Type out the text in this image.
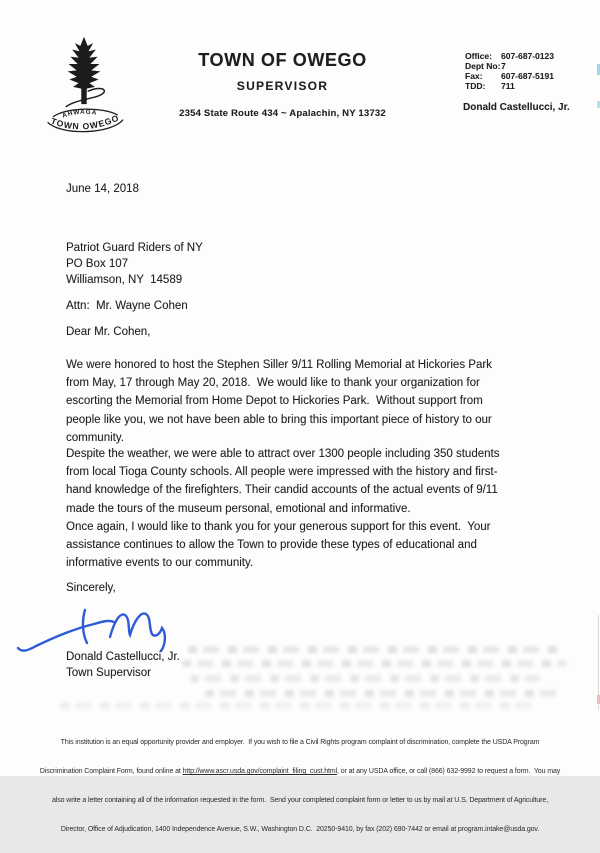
AHWAGA
TOWN OWEGO
TOWN OF OWEGO
SUPERVISOR
2354 State Route 434 ~ Apalachin, NY 13732
Office:	607-687-0123
Dept No: 7
Fax:	607-687-5191
TDD:	711
Donald Castellucci, Jr.
June 14, 2018
Patriot Guard Riders of NY
PO Box 107
Williamson, NY  14589
Attn:  Mr. Wayne Cohen
Dear Mr. Cohen,
We were honored to host the Stephen Siller 9/11 Rolling Memorial at Hickories Park
from May, 17 through May 20, 2018.  We would like to thank your organization for
escorting the Memorial from Home Depot to Hickories Park.  Without support from
people like you, we not have been able to bring this important piece of history to our
community.
Despite the weather, we were able to attract over 1300 people including 350 students
from local Tioga County schools. All people were impressed with the history and first-
hand knowledge of the firefighters. Their candid accounts of the actual events of 9/11
made the tours of the museum personal, emotional and informative.
Once again, I would like to thank you for your generous support for this event.  Your
assistance continues to allow the Town to provide these types of educational and
informative events to our community.
Sincerely,
Donald Castellucci, Jr.
Town Supervisor

This institution is an equal opportunity provider and employer.  If you wish to file a Civil Rights program complaint of discrimination, complete the USDA Program

Discrimination Complaint Form, found online at http://www.ascr.usda.gov/complaint_filing_cust.html, or at any USDA office, or call (866) 632-9992 to request a form.  You may

also write a letter containing all of the information requested in the form.  Send your completed complaint form or letter to us by mail at U.S. Department of Agriculture,

Director, Office of Adjudication, 1400 Independence Avenue, S.W., Washington D.C.  20250-9410, by fax (202) 690-7442 or email at program.intake@usda.gov.
